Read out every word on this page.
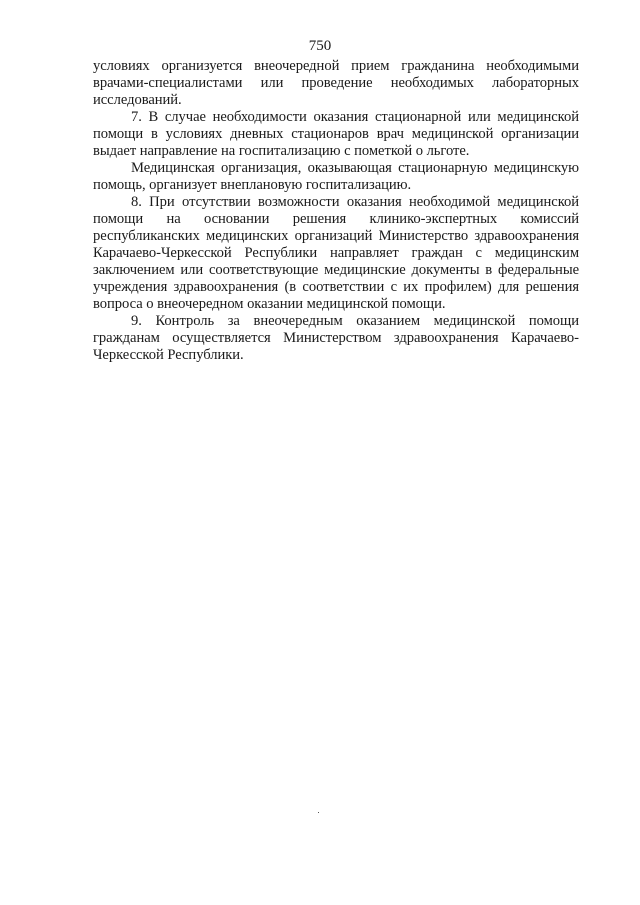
750

условиях организуется внеочередной прием гражданина необходимыми врачами-специалистами или проведение необходимых лабораторных исследований.

7. В случае необходимости оказания стационарной или медицинской помощи в условиях дневных стационаров врач медицинской организации выдает направление на госпитализацию с пометкой о льготе.

Медицинская организация, оказывающая стационарную медицинскую помощь, организует внеплановую госпитализацию.

8. При отсутствии возможности оказания необходимой медицинской помощи на основании решения клинико-экспертных комиссий республиканских медицинских организаций Министерство здравоохранения Карачаево-Черкесской Республики направляет граждан с медицинским заключением или соответствующие медицинские документы в федеральные учреждения здравоохранения (в соответствии с их профилем) для решения вопроса о внеочередном оказании медицинской помощи.

9. Контроль за внеочередным оказанием медицинской помощи гражданам осуществляется Министерством здравоохранения Карачаево-Черкесской Республики.
